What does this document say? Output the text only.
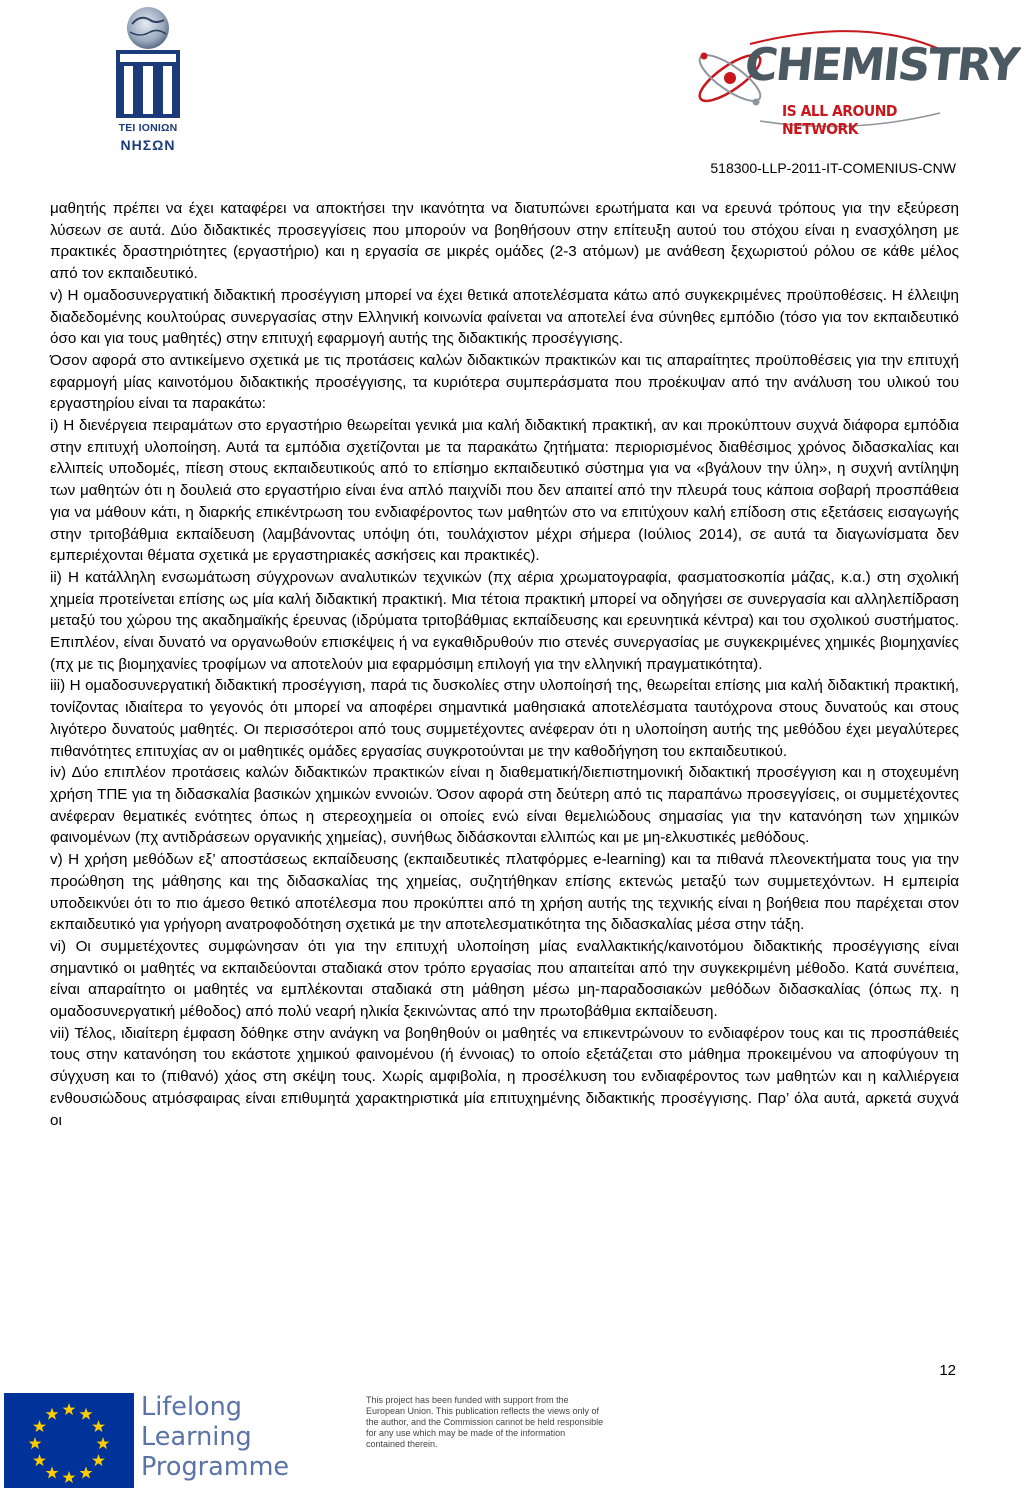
ΤΕΙ ΙΟΝΙΩΝ
ΝΗΣΩΝ
CHEMISTRY
IS ALL AROUND NETWORK
518300-LLP-2011-IT-COMENIUS-CNW

μαθητής πρέπει να έχει καταφέρει να αποκτήσει την ικανότητα να διατυπώνει ερωτήματα και να ερευνά τρόπους για την εξεύρεση λύσεων σε αυτά. Δύο διδακτικές προσεγγίσεις που μπορούν να βοηθήσουν στην επίτευξη αυτού του στόχου είναι η ενασχόληση με πρακτικές δραστηριότητες (εργαστήριο) και η εργασία σε μικρές ομάδες (2-3 ατόμων) με ανάθεση ξεχωριστού ρόλου σε κάθε μέλος από τον εκπαιδευτικό.

v) Η ομαδοσυνεργατική διδακτική προσέγγιση μπορεί να έχει θετικά αποτελέσματα κάτω από συγκεκριμένες προϋποθέσεις. Η έλλειψη διαδεδομένης κουλτούρας συνεργασίας στην Ελληνική κοινωνία φαίνεται να αποτελεί ένα σύνηθες εμπόδιο (τόσο για τον εκπαιδευτικό όσο και για τους μαθητές) στην επιτυχή εφαρμογή αυτής της διδακτικής προσέγγισης.

Όσον αφορά στο αντικείμενο σχετικά με τις προτάσεις καλών διδακτικών πρακτικών και τις απαραίτητες προϋποθέσεις για την επιτυχή εφαρμογή μίας καινοτόμου διδακτικής προσέγγισης, τα κυριότερα συμπεράσματα που προέκυψαν από την ανάλυση του υλικού του εργαστηρίου είναι τα παρακάτω:

i) Η διενέργεια πειραμάτων στο εργαστήριο θεωρείται γενικά μια καλή διδακτική πρακτική, αν και προκύπτουν συχνά διάφορα εμπόδια στην επιτυχή υλοποίηση. Αυτά τα εμπόδια σχετίζονται με τα παρακάτω ζητήματα: περιορισμένος διαθέσιμος χρόνος διδασκαλίας και ελλιπείς υποδομές, πίεση στους εκπαιδευτικούς από το επίσημο εκπαιδευτικό σύστημα για να «βγάλουν την ύλη», η συχνή αντίληψη των μαθητών ότι η δουλειά στο εργαστήριο είναι ένα απλό παιχνίδι που δεν απαιτεί από την πλευρά τους κάποια σοβαρή προσπάθεια για να μάθουν κάτι, η διαρκής επικέντρωση του ενδιαφέροντος των μαθητών στο να επιτύχουν καλή επίδοση στις εξετάσεις εισαγωγής στην τριτοβάθμια εκπαίδευση (λαμβάνοντας υπόψη ότι, τουλάχιστον μέχρι σήμερα (Ιούλιος 2014), σε αυτά τα διαγωνίσματα δεν εμπεριέχονται θέματα σχετικά με εργαστηριακές ασκήσεις και πρακτικές).

ii) Η κατάλληλη ενσωμάτωση σύγχρονων αναλυτικών τεχνικών (πχ αέρια χρωματογραφία, φασματοσκοπία μάζας, κ.α.) στη σχολική χημεία προτείνεται επίσης ως μία καλή διδακτική πρακτική. Μια τέτοια πρακτική μπορεί να οδηγήσει σε συνεργασία και αλληλεπίδραση μεταξύ του χώρου της ακαδημαϊκής έρευνας (ιδρύματα τριτοβάθμιας εκπαίδευσης και ερευνητικά κέντρα) και του σχολικού συστήματος. Επιπλέον, είναι δυνατό να οργανωθούν επισκέψεις ή να εγκαθιδρυθούν πιο στενές συνεργασίας με συγκεκριμένες χημικές βιομηχανίες (πχ με τις βιομηχανίες τροφίμων να αποτελούν μια εφαρμόσιμη επιλογή για την ελληνική πραγματικότητα).

iii) Η ομαδοσυνεργατική διδακτική προσέγγιση, παρά τις δυσκολίες στην υλοποίησή της, θεωρείται επίσης μια καλή διδακτική πρακτική, τονίζοντας ιδιαίτερα το γεγονός ότι μπορεί να αποφέρει σημαντικά μαθησιακά αποτελέσματα ταυτόχρονα στους δυνατούς και στους λιγότερο δυνατούς μαθητές. Οι περισσότεροι από τους συμμετέχοντες ανέφεραν ότι η υλοποίηση αυτής της μεθόδου έχει μεγαλύτερες πιθανότητες επιτυχίας αν οι μαθητικές ομάδες εργασίας συγκροτούνται με την καθοδήγηση του εκπαιδευτικού.

iv) Δύο επιπλέον προτάσεις καλών διδακτικών πρακτικών είναι η διαθεματική/διεπιστημονική διδακτική προσέγγιση και η στοχευμένη χρήση ΤΠΕ για τη διδασκαλία βασικών χημικών εννοιών. Όσον αφορά στη δεύτερη από τις παραπάνω προσεγγίσεις, οι συμμετέχοντες ανέφεραν θεματικές ενότητες όπως η στερεοχημεία οι οποίες ενώ είναι θεμελιώδους σημασίας για την κατανόηση των χημικών φαινομένων (πχ αντιδράσεων οργανικής χημείας), συνήθως διδάσκονται ελλιπώς και με μη-ελκυστικές μεθόδους.

v) Η χρήση μεθόδων εξ’ αποστάσεως εκπαίδευσης (εκπαιδευτικές πλατφόρμες e-learning) και τα πιθανά πλεονεκτήματα τους για την προώθηση της μάθησης και της διδασκαλίας της χημείας, συζητήθηκαν επίσης εκτενώς μεταξύ των συμμετεχόντων. Η εμπειρία υποδεικνύει ότι το πιο άμεσο θετικό αποτέλεσμα που προκύπτει από τη χρήση αυτής της τεχνικής είναι η βοήθεια που παρέχεται στον εκπαιδευτικό για γρήγορη ανατροφοδότηση σχετικά με την αποτελεσματικότητα της διδασκαλίας μέσα στην τάξη.

vi) Οι συμμετέχοντες συμφώνησαν ότι για την επιτυχή υλοποίηση μίας εναλλακτικής/καινοτόμου διδακτικής προσέγγισης είναι σημαντικό οι μαθητές να εκπαιδεύονται σταδιακά στον τρόπο εργασίας που απαιτείται από την συγκεκριμένη μέθοδο. Κατά συνέπεια, είναι απαραίτητο οι μαθητές να εμπλέκονται σταδιακά στη μάθηση μέσω μη-παραδοσιακών μεθόδων διδασκαλίας (όπως πχ. η ομαδοσυνεργατική μέθοδος) από πολύ νεαρή ηλικία ξεκινώντας από την πρωτοβάθμια εκπαίδευση.

vii) Τέλος, ιδιαίτερη έμφαση δόθηκε στην ανάγκη να βοηθηθούν οι μαθητές να επικεντρώνουν το ενδιαφέρον τους και τις προσπάθειές τους στην κατανόηση του εκάστοτε χημικού φαινομένου (ή έννοιας) το οποίο εξετάζεται στο μάθημα προκειμένου να αποφύγουν τη σύγχυση και το (πιθανό) χάος στη σκέψη τους. Χωρίς αμφιβολία, η προσέλκυση του ενδιαφέροντος των μαθητών και η καλλιέργεια ενθουσιώδους ατμόσφαιρας είναι επιθυμητά χαρακτηριστικά μία επιτυχημένης διδακτικής προσέγγισης. Παρ’ όλα αυτά, αρκετά συχνά οι

12
Lifelong
Learning
Programme
This project has been funded with support from the European Union. This publication reflects the views only of the author, and the Commission cannot be held responsible for any use which may be made of the information contained therein.
